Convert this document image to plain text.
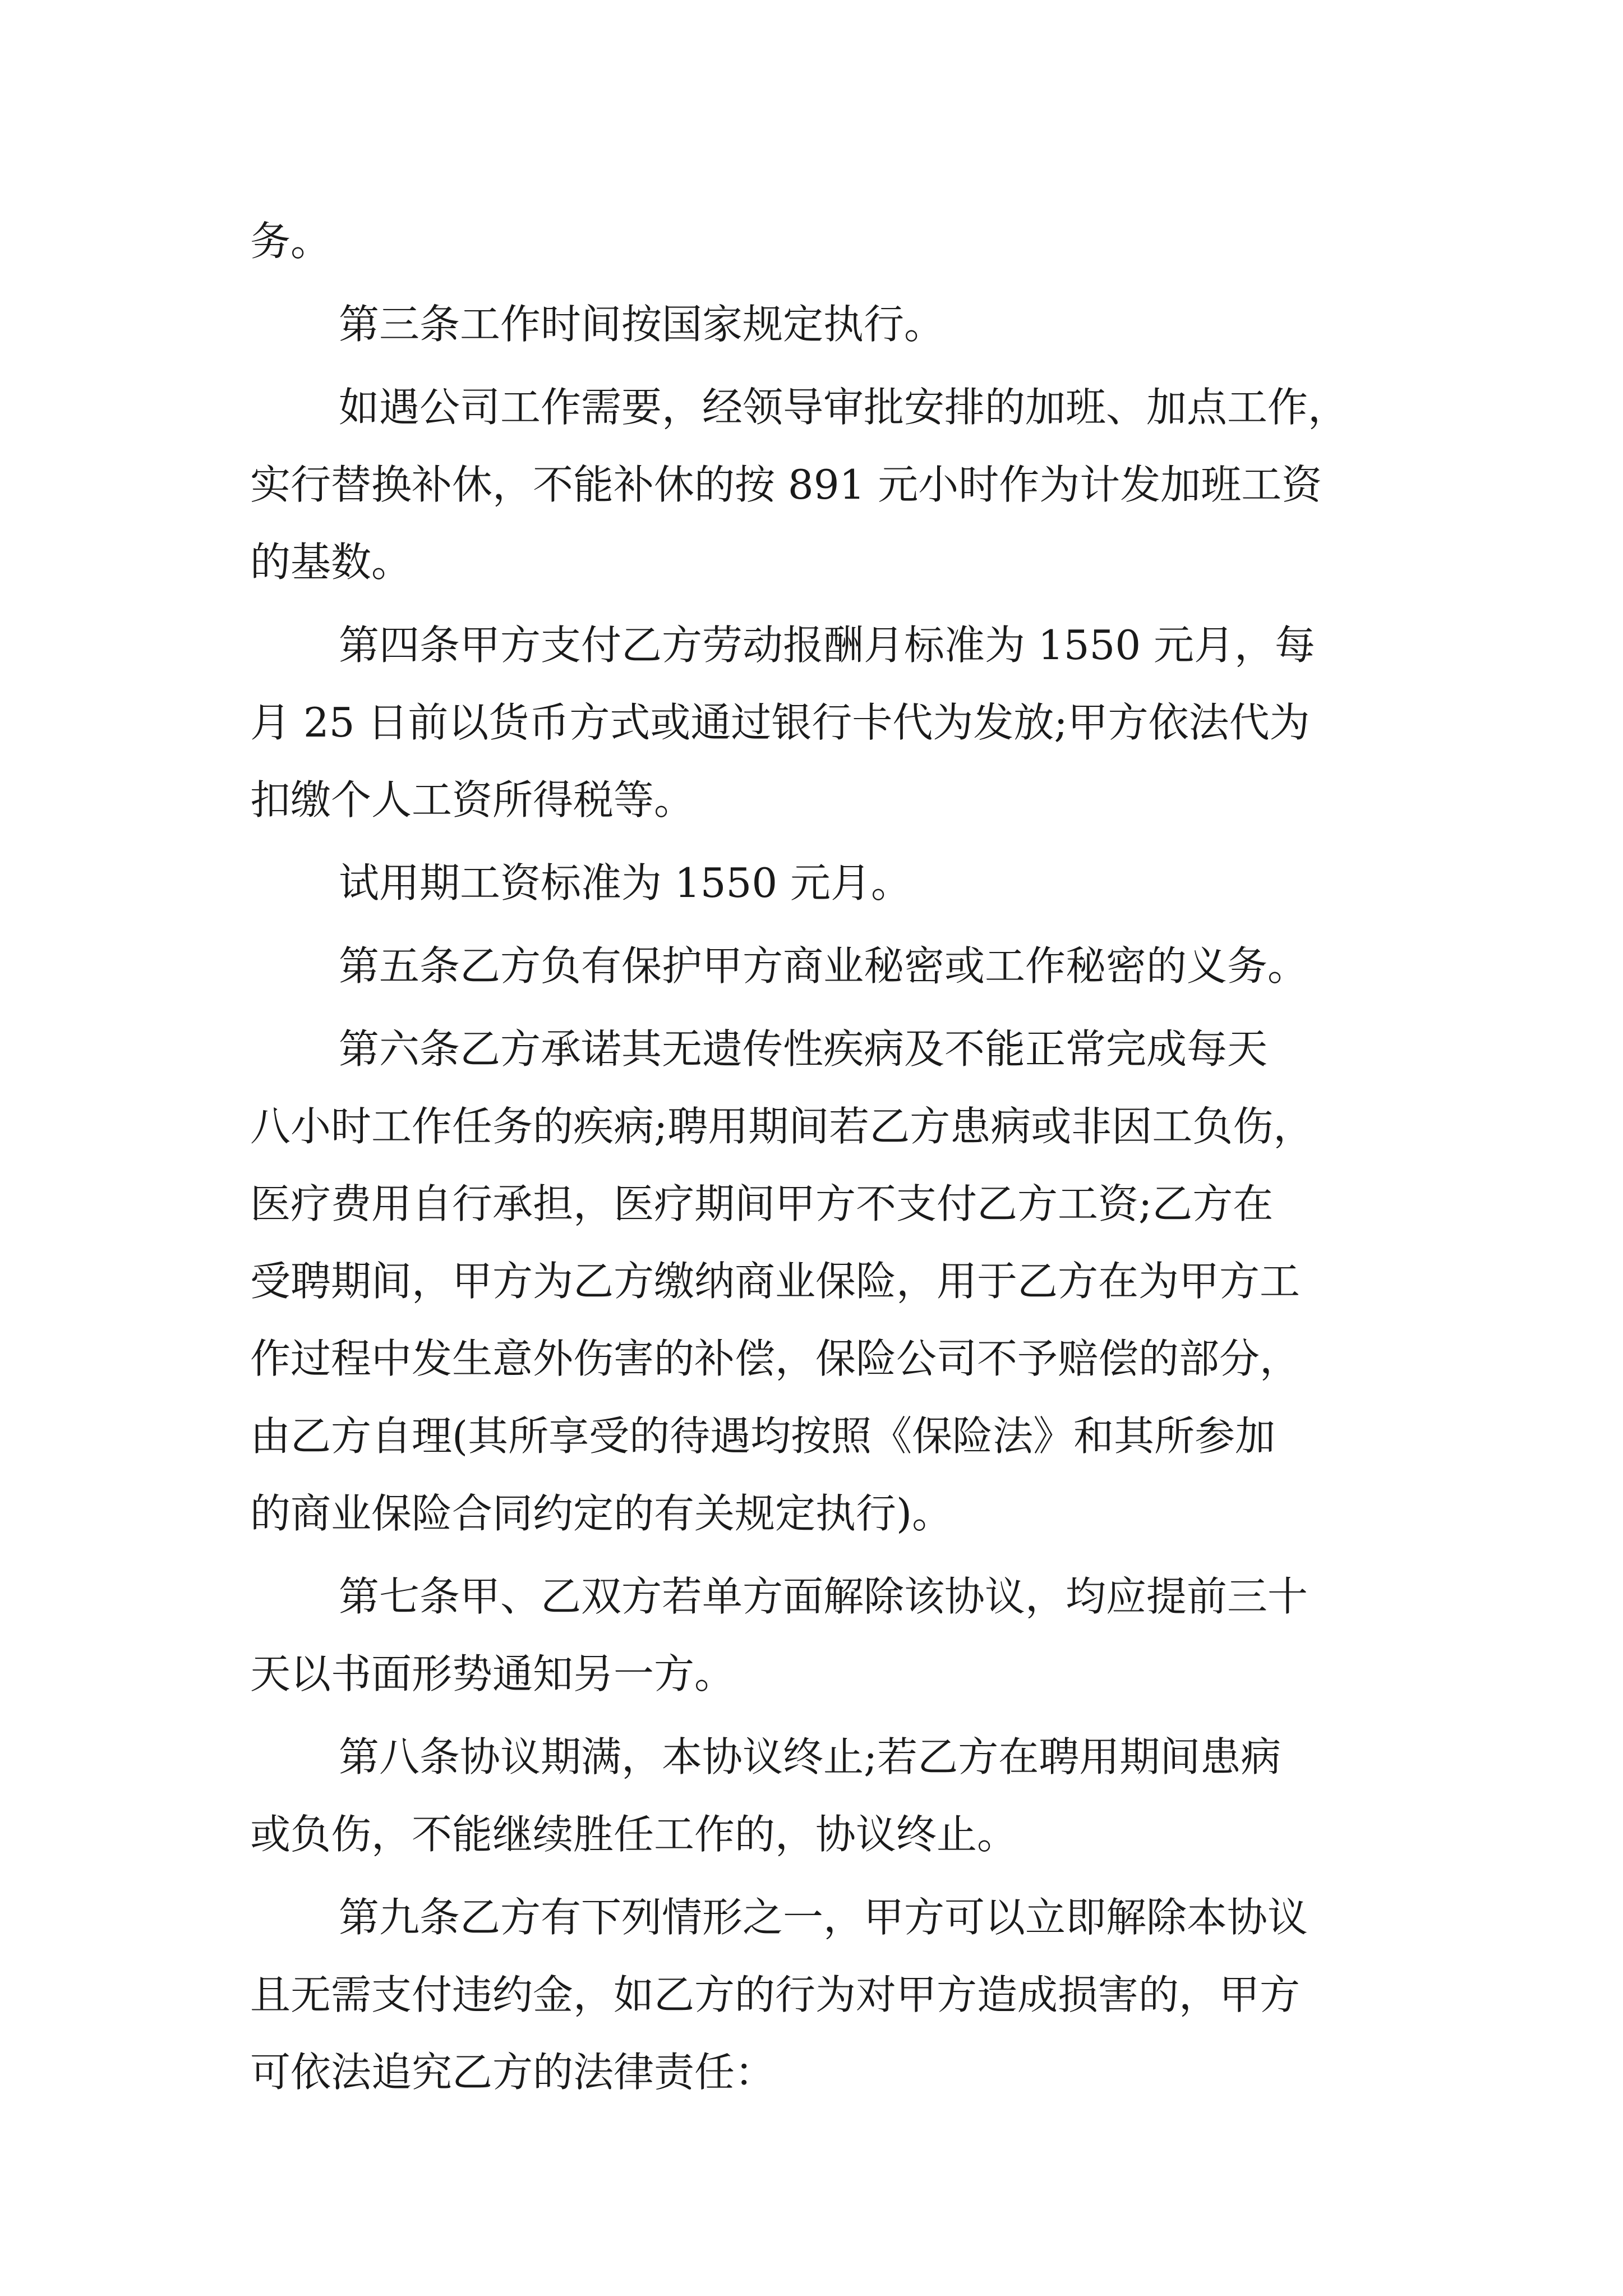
务。
第三条工作时间按国家规定执行。
如遇公司工作需要，经领导审批安排的加班、加点工作，
实行替换补休，不能补休的按 891 元小时作为计发加班工资
的基数。
第四条甲方支付乙方劳动报酬月标准为 1550 元月，每
月 25 日前以货币方式或通过银行卡代为发放;甲方依法代为
扣缴个人工资所得税等。
试用期工资标准为 1550 元月。
第五条乙方负有保护甲方商业秘密或工作秘密的义务。
第六条乙方承诺其无遗传性疾病及不能正常完成每天
八小时工作任务的疾病;聘用期间若乙方患病或非因工负伤，
医疗费用自行承担，医疗期间甲方不支付乙方工资;乙方在
受聘期间，甲方为乙方缴纳商业保险，用于乙方在为甲方工
作过程中发生意外伤害的补偿，保险公司不予赔偿的部分，
由乙方自理(其所享受的待遇均按照《保险法》和其所参加
的商业保险合同约定的有关规定执行)。
第七条甲、乙双方若单方面解除该协议，均应提前三十
天以书面形势通知另一方。
第八条协议期满，本协议终止;若乙方在聘用期间患病
或负伤，不能继续胜任工作的，协议终止。
第九条乙方有下列情形之一，甲方可以立即解除本协议
且无需支付违约金，如乙方的行为对甲方造成损害的，甲方
可依法追究乙方的法律责任：
